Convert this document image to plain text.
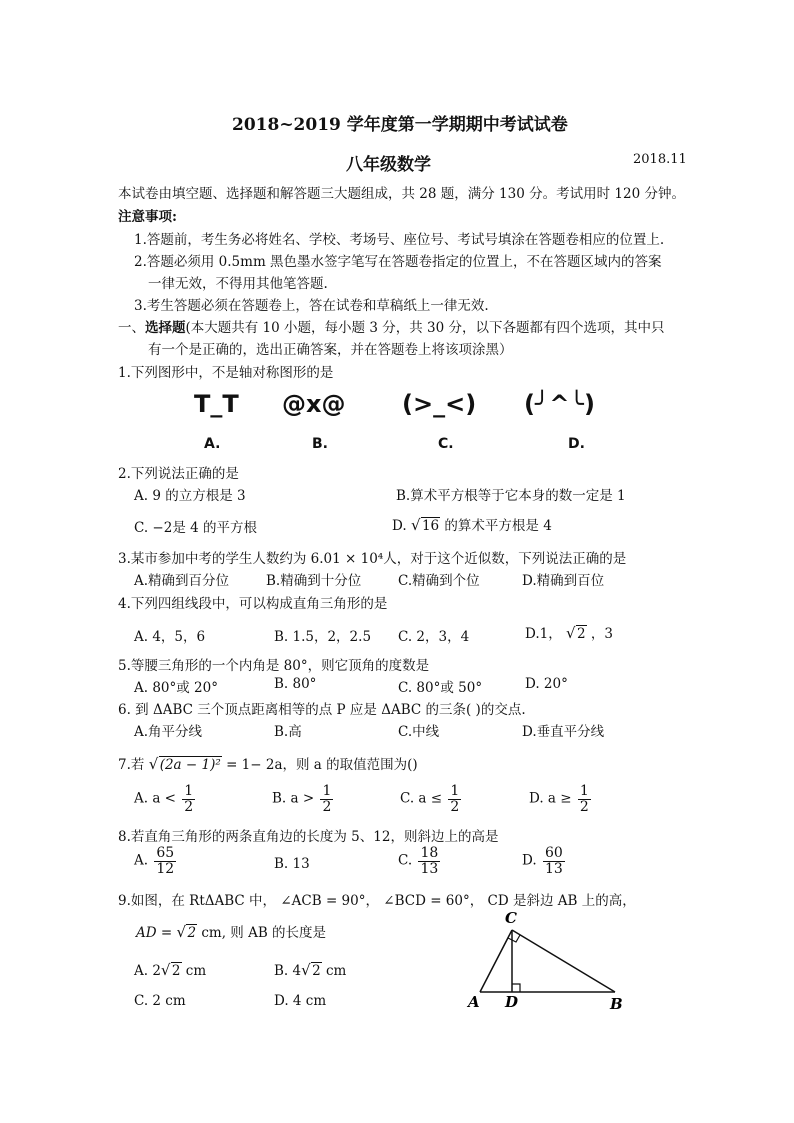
2018~2019 学年度第一学期期中考试试卷
八年级数学	2018.11
本试卷由填空题、选择题和解答题三大题组成，共 28 题，满分 130 分。考试用时 120 分钟。
注意事项:
1.答题前，考生务必将姓名、学校、考场号、座位号、考试号填涂在答题卷相应的位置上.
2.答题必须用 0.5mm 黑色墨水签字笔写在答题卷指定的位置上，不在答题区域内的答案
一律无效，不得用其他笔答题.
3.考生答题必须在答题卷上，答在试卷和草稿纸上一律无效.
一、选择题(本大题共有 10 小题，每小题 3 分，共 30 分，以下各题都有四个选项，其中只
有一个是正确的，选出正确答案，并在答题卷上将该项涂黑）
1.下列图形中，不是轴对称图形的是
T_T @x@ (>_<) (╯^╰)
A.	B.	C.	D.
2.下列说法正确的是
A. 9 的立方根是 3	B.算术平方根等于它本身的数一定是 1
C. −2是 4 的平方根	D. √ 16 的算术平方根是 4
3.某市参加中考的学生人数约为 6.01 × 10⁴人，对于这个近似数，下列说法正确的是
A.精确到百分位	B.精确到十分位	C.精确到个位	D.精确到百位
4.下列四组线段中，可以构成直角三角形的是
A. 4，5，6	B. 1.5，2，2.5 C. 2，3，4	D.1， √ 2 ，3
5.等腰三角形的一个内角是 80°，则它顶角的度数是
A. 80°或 20°	B. 80°	C. 80°或 50°	D. 20°
6. 到 ΔABC 三个顶点距离相等的点 P 应是 ΔABC 的三条( )的交点.
A.角平分线	B.高	C.中线	D.垂直平分线
7.若 √ (2a − 1)² = 1− 2a，则 a 的取值范围为()
A. $a < \frac{1}{2}$	B. $a > \frac{1}{2}$	C. $a \le \frac{1}{2}$	D. $a \ge \frac{1}{2}$
8.若直角三角形的两条直角边的长度为 5、12，则斜边上的高是
A. $\frac{65}{12}$	B. 13	C. $\frac{18}{13}$	D. $\frac{60}{13}$
9.如图，在 RtΔABC 中， ∠ACB = 90°， ∠BCD = 60°， CD 是斜边 AB 上的高，
AD = √ 2 cm, 则 AB 的长度是
A. 2 √ 2 cm	B. 4 √ 2 cm
C. 2 cm	D. 4 cm
C
A D	B
